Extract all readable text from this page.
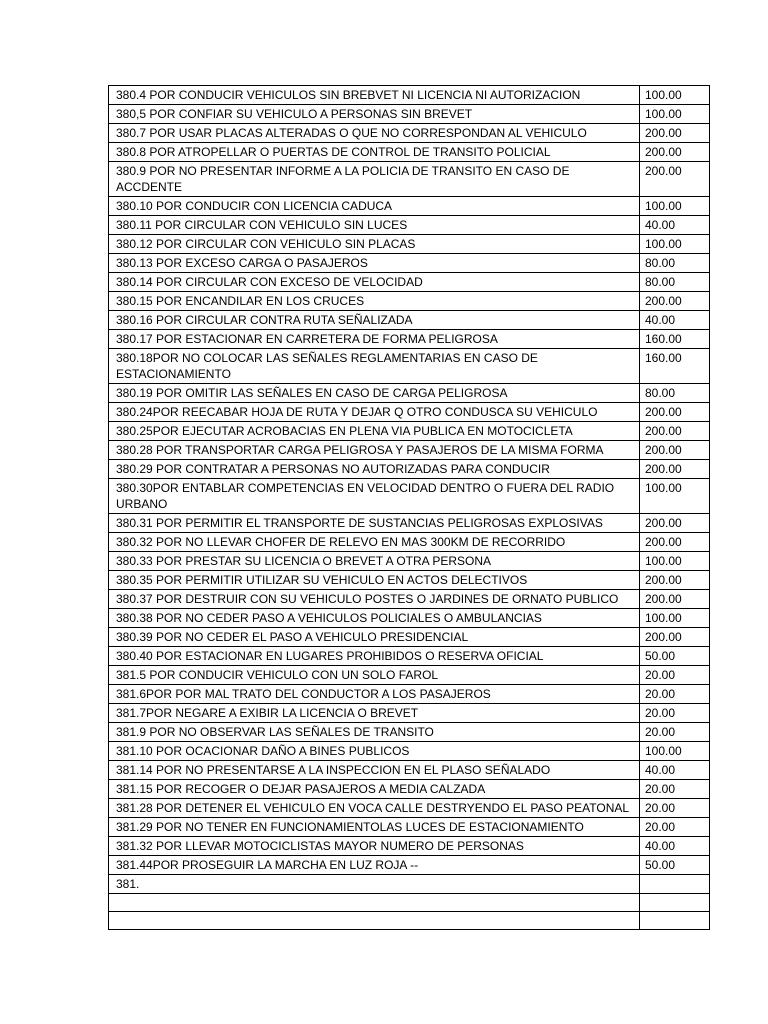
380.4 POR CONDUCIR VEHICULOS SIN BREBVET NI LICENCIA NI AUTORIZACION	100.00
380,5 POR CONFIAR SU VEHICULO A PERSONAS SIN BREVET	100.00
380.7 POR USAR PLACAS ALTERADAS O QUE NO CORRESPONDAN AL VEHICULO	200.00
380.8 POR ATROPELLAR O PUERTAS DE CONTROL DE TRANSITO POLICIAL	200.00
380.9 POR NO PRESENTAR INFORME A LA POLICIA DE TRANSITO EN CASO DE ACCDENTE	200.00
380.10 POR CONDUCIR CON LICENCIA CADUCA	100.00
380.11 POR CIRCULAR CON VEHICULO SIN LUCES	40.00
380.12 POR CIRCULAR CON VEHICULO SIN PLACAS	100.00
380.13 POR EXCESO CARGA O PASAJEROS	80.00
380.14 POR CIRCULAR CON EXCESO DE VELOCIDAD	80.00
380.15 POR ENCANDILAR EN LOS CRUCES	200.00
380.16 POR CIRCULAR CONTRA RUTA SEÑALIZADA	40.00
380.17 POR ESTACIONAR EN CARRETERA DE FORMA PELIGROSA	160.00
380.18POR NO COLOCAR LAS SEÑALES REGLAMENTARIAS EN CASO DE ESTACIONAMIENTO	160.00
380.19 POR OMITIR LAS SEÑALES EN CASO DE CARGA PELIGROSA	80.00
380.24POR REECABAR HOJA DE RUTA Y DEJAR Q OTRO CONDUSCA SU VEHICULO	200.00
380.25POR EJECUTAR ACROBACIAS EN PLENA VIA PUBLICA EN MOTOCICLETA	200.00
380.28 POR TRANSPORTAR CARGA PELIGROSA Y PASAJEROS DE LA MISMA FORMA	200.00
380.29 POR CONTRATAR A PERSONAS NO AUTORIZADAS PARA CONDUCIR	200.00
380.30POR ENTABLAR COMPETENCIAS EN VELOCIDAD DENTRO O FUERA DEL RADIO URBANO	100.00
380.31 POR PERMITIR EL TRANSPORTE DE SUSTANCIAS PELIGROSAS EXPLOSIVAS	200.00
380.32 POR NO LLEVAR CHOFER DE RELEVO EN MAS 300KM DE RECORRIDO	200.00
380.33 POR PRESTAR SU LICENCIA O BREVET A OTRA PERSONA	100.00
380.35 POR PERMITIR UTILIZAR SU VEHICULO EN ACTOS DELECTIVOS	200.00
380.37 POR DESTRUIR CON SU VEHICULO POSTES O JARDINES DE ORNATO PUBLICO	200.00
380.38 POR NO CEDER PASO A VEHICULOS POLICIALES O AMBULANCIAS	100.00
380.39 POR NO CEDER EL PASO A VEHICULO PRESIDENCIAL	200.00
380.40 POR ESTACIONAR EN LUGARES PROHIBIDOS O RESERVA OFICIAL	50.00
381.5 POR CONDUCIR VEHICULO CON UN SOLO FAROL	20.00
381.6POR POR MAL TRATO DEL CONDUCTOR A LOS PASAJEROS	20.00
381.7POR NEGARE A EXIBIR LA LICENCIA O BREVET	20.00
381.9 POR NO OBSERVAR LAS SEÑALES DE TRANSITO	20.00
381.10 POR OCACIONAR DAÑO A BINES PUBLICOS	100.00
381.14 POR NO PRESENTARSE A LA INSPECCION EN EL PLASO SEÑALADO	40.00
381.15 POR RECOGER O DEJAR PASAJEROS A MEDIA CALZADA	20.00
381.28 POR DETENER EL VEHICULO EN VOCA CALLE DESTRYENDO EL PASO PEATONAL	20.00
381.29 POR NO TENER EN FUNCIONAMIENTOLAS LUCES DE ESTACIONAMIENTO	20.00
381.32 POR LLEVAR MOTOCICLISTAS MAYOR NUMERO DE PERSONAS	40.00
381.44POR PROSEGUIR LA MARCHA EN LUZ ROJA --	50.00
381.	
